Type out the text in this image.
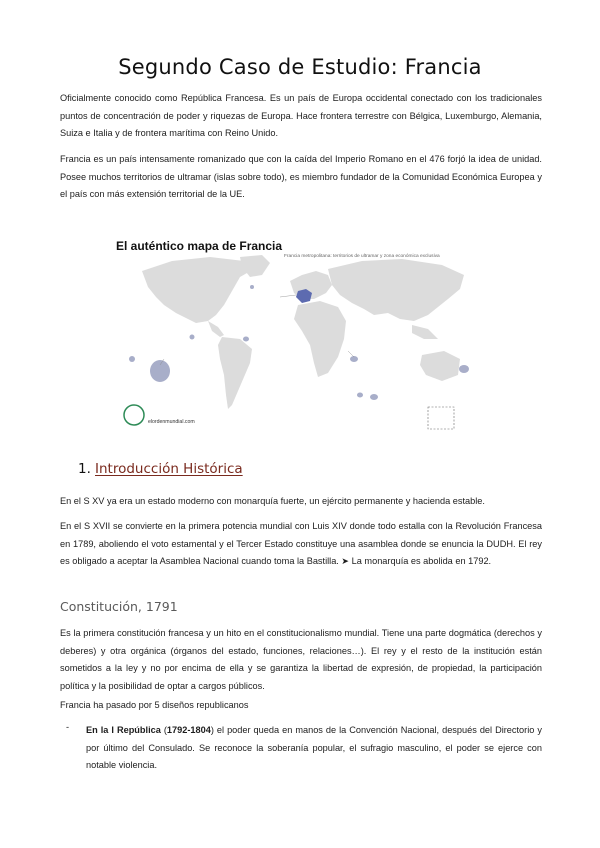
Segundo Caso de Estudio: Francia

Oficialmente conocido como República Francesa. Es un país de Europa occidental conectado con los tradicionales puntos de concentración de poder y riquezas de Europa. Hace frontera terrestre con Bélgica, Luxemburgo, Alemania, Suiza e Italia y de frontera marítima con Reino Unido.

Francia es un país intensamente romanizado que con la caída del Imperio Romano en el 476 forjó la idea de unidad. Posee muchos territorios de ultramar (islas sobre todo), es miembro fundador de la Comunidad Económica Europea y el país con más extensión territorial de la UE.

El auténtico mapa de Francia
Francia metropolitana: territorios de ultramar y zona económica exclusiva
elordenmundial.com
1. Introducción Histórica

En el S XV ya era un estado moderno con monarquía fuerte, un ejército permanente y hacienda estable.

En el S XVII se convierte en la primera potencia mundial con Luis XIV donde todo estalla con la Revolución Francesa en 1789, aboliendo el voto estamental y el Tercer Estado constituye una asamblea donde se enuncia la DUDH. El rey es obligado a aceptar la Asamblea Nacional cuando toma la Bastilla. ➤ La monarquía es abolida en 1792.

Constitución, 1791

Es la primera constitución francesa y un hito en el constitucionalismo mundial. Tiene una parte dogmática (derechos y deberes) y otra orgánica (órganos del estado, funciones, relaciones…). El rey y el resto de la institución están sometidos a la ley y no por encima de ella y se garantiza la libertad de expresión, de propiedad, la participación política y la posibilidad de optar a cargos públicos.

Francia ha pasado por 5 diseños republicanos

- En la I República (1792-1804) el poder queda en manos de la Convención Nacional, después del Directorio y por último del Consulado. Se reconoce la soberanía popular, el sufragio masculino, el poder se ejerce con notable violencia.
